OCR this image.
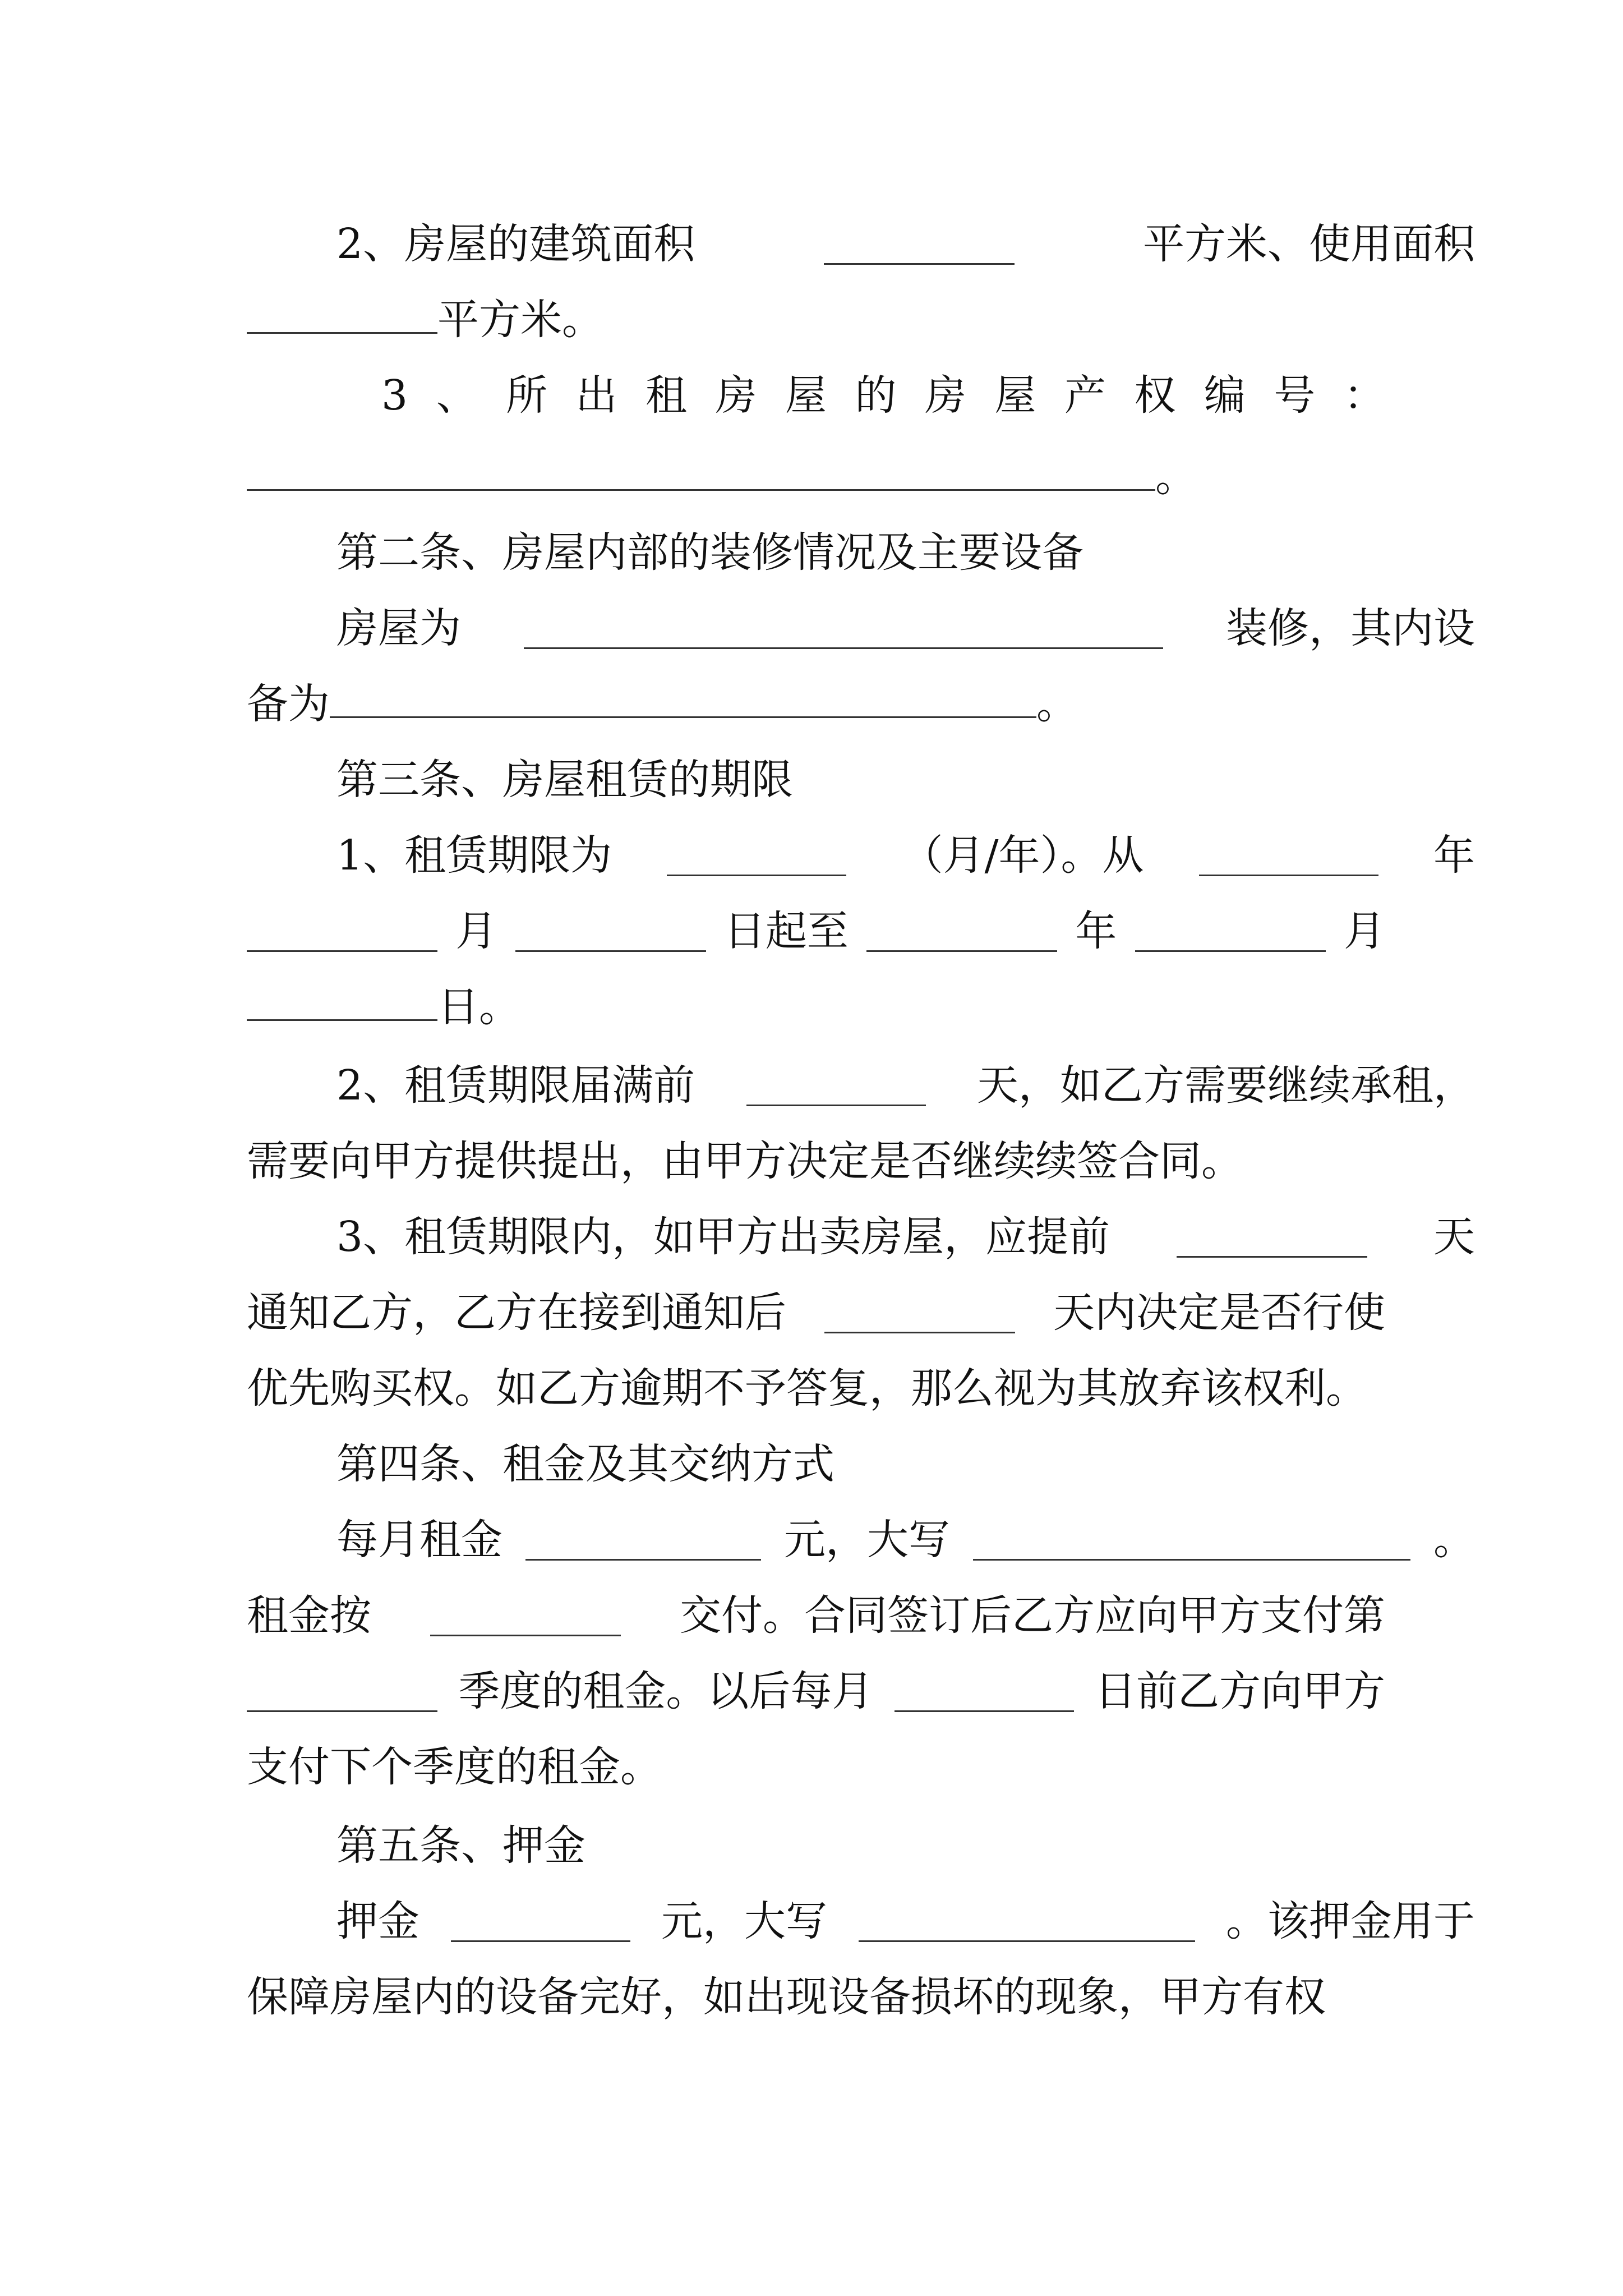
2、房屋的建筑面积	平方米、使用面积
平方米。
3 、 所 出 租 房 屋 的 房 屋 产 权 编 号 ：
。
第二条、房屋内部的装修情况及主要设备
房屋为	装修，其内设
备为	。
第三条、房屋租赁的期限
1、租赁期限为	（月/年）。从	年
月	日起至	年	月
日。
2、租赁期限届满前	天，如乙方需要继续承租，
需要向甲方提供提出，由甲方决定是否继续续签合同。
3、租赁期限内，如甲方出卖房屋，应提前	天
通知乙方，乙方在接到通知后	天内决定是否行使
优先购买权。如乙方逾期不予答复，那么视为其放弃该权利。
第四条、租金及其交纳方式
每月租金	元，大写	。
租金按	交付。合同签订后乙方应向甲方支付第
季度的租金。以后每月	日前乙方向甲方
支付下个季度的租金。
第五条、押金
押金	元，大写	。该押金用于
保障房屋内的设备完好，如出现设备损坏的现象，甲方有权
